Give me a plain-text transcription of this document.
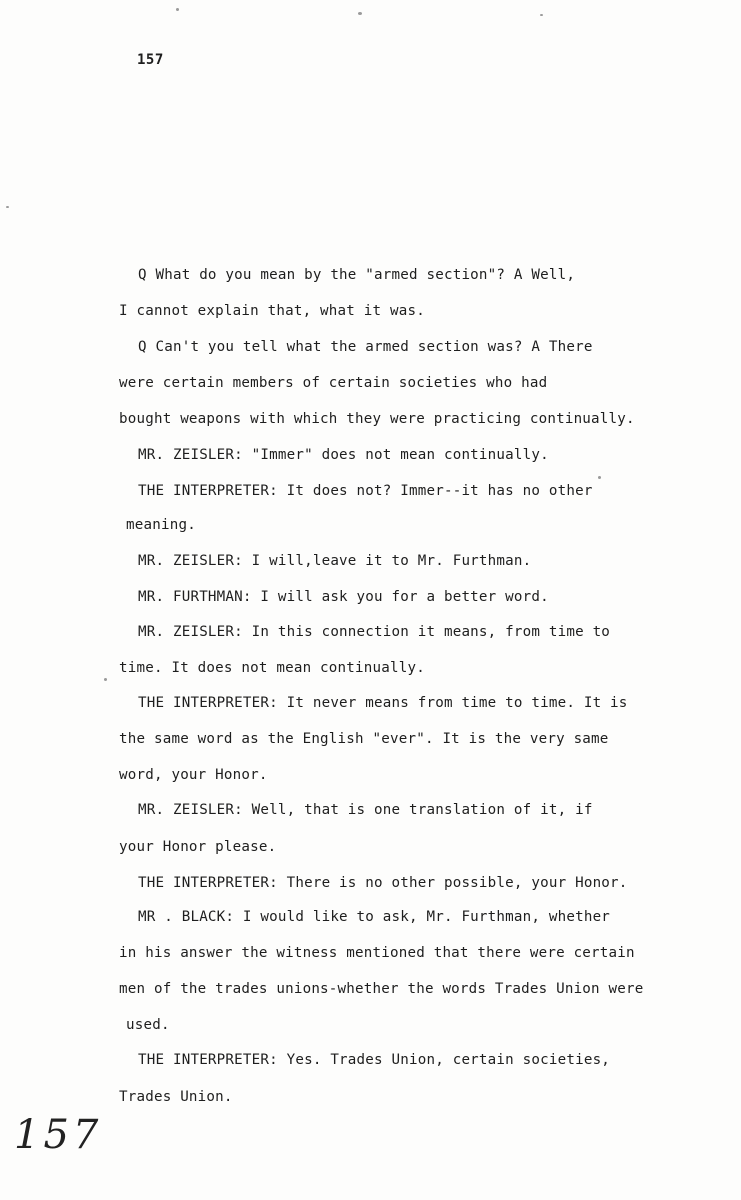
157
Q What do you mean by the "armed section"? A Well,
I cannot explain that, what it was.
Q Can't you tell what the armed section was? A There
were certain members of certain societies who had
bought weapons with which they were practicing continually.
MR. ZEISLER: "Immer" does not mean continually.
THE INTERPRETER: It does not? Immer--it has no other
meaning.
MR. ZEISLER: I will,leave it to Mr. Furthman.
MR. FURTHMAN: I will ask you for a better word.
MR. ZEISLER: In this connection it means, from time to
time. It does not mean continually.
THE INTERPRETER: It never means from time to time. It is
the same word as the English "ever". It is the very same
word, your Honor.
MR. ZEISLER: Well, that is one translation of it, if
your Honor please.
THE INTERPRETER: There is no other possible, your Honor.
MR . BLACK: I would like to ask, Mr. Furthman, whether
in his answer the witness mentioned that there were certain
men of the trades unions-whether the words Trades Union were
used.
THE INTERPRETER: Yes. Trades Union, certain societies,
Trades Union.
157
